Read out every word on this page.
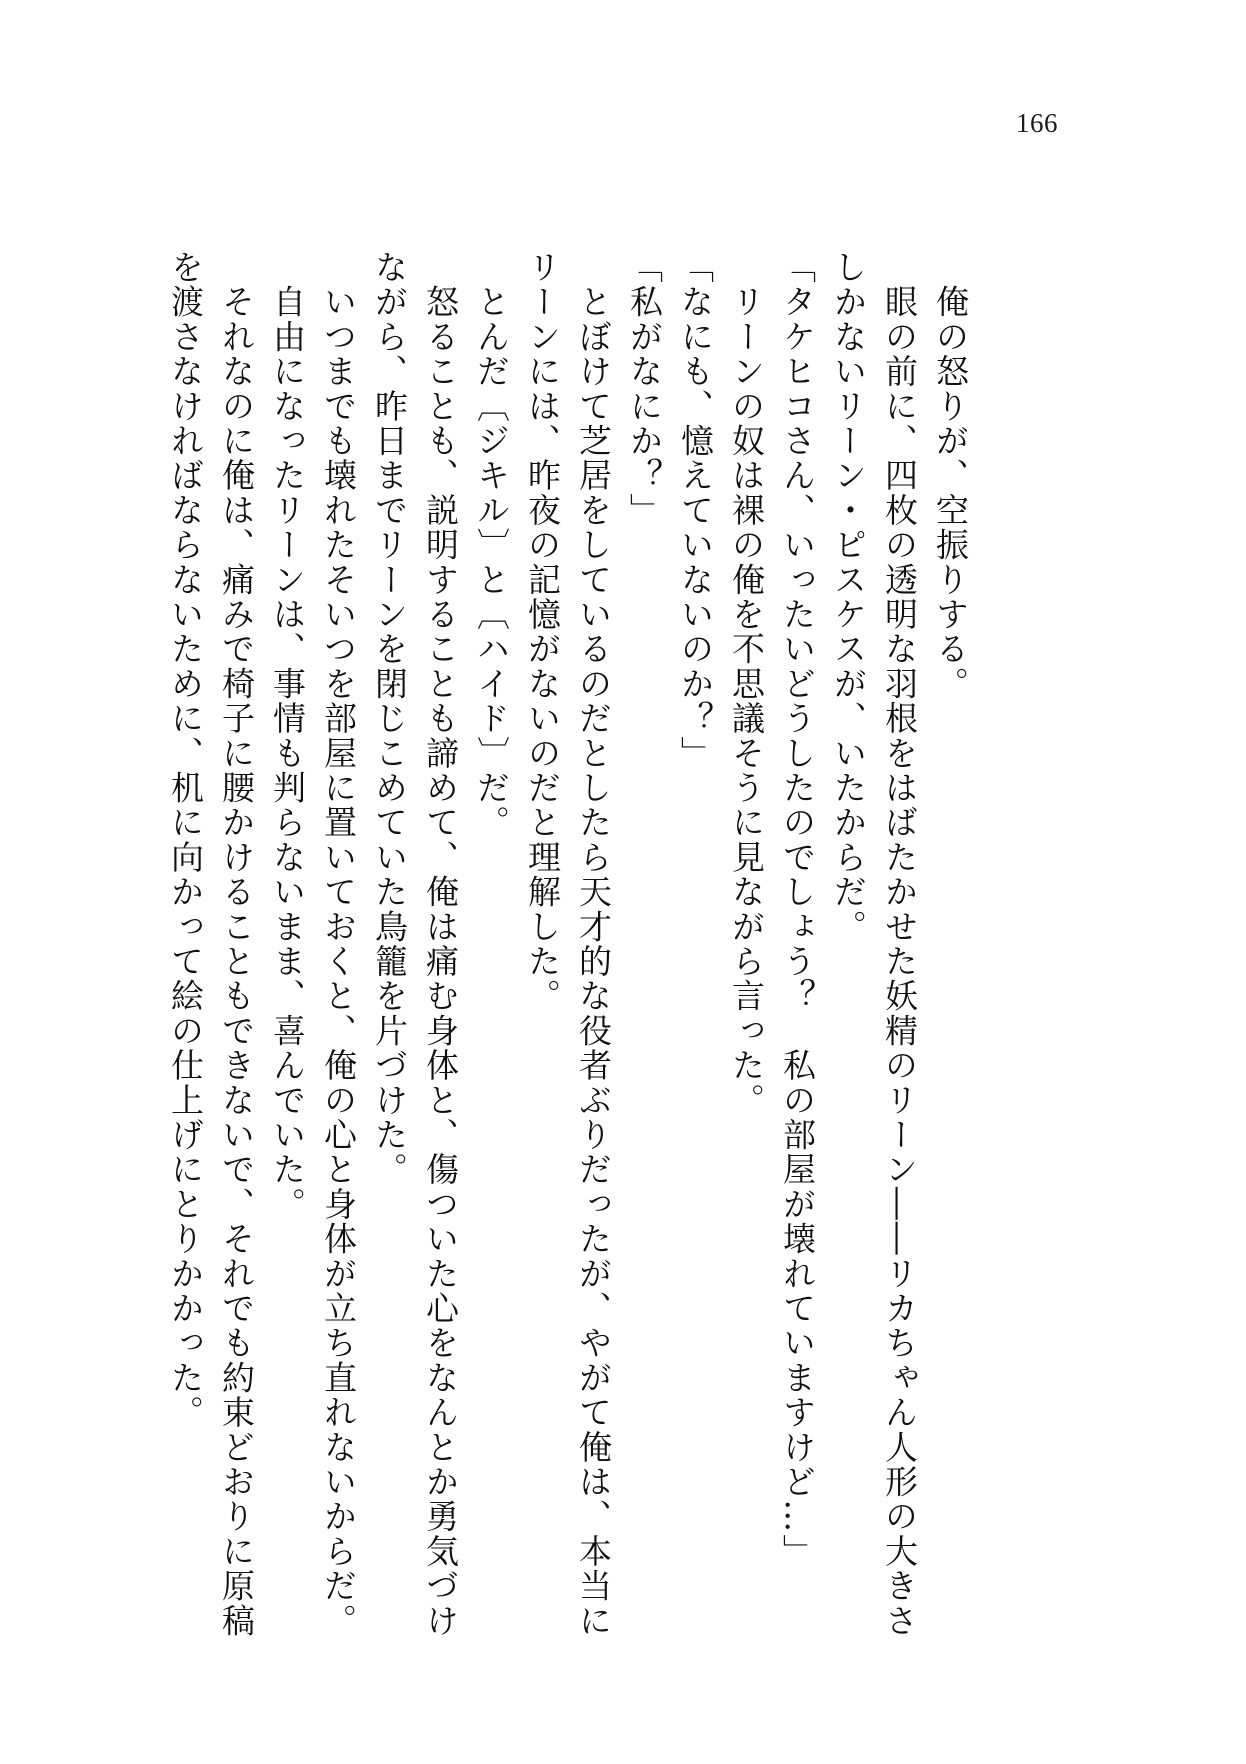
166
　俺の怒りが、空振りする。
　眼の前に、四枚の透明な羽根をはばたかせた妖精のリーン――リカちゃん人形の大きさ
しかないリーン・ピスケスが、いたからだ。
「タケヒコさん、いったいどうしたのでしょう？　私の部屋が壊れていますけど…」
　リーンの奴は裸の俺を不思議そうに見ながら言った。
「なにも、憶えていないのか？」
「私がなにか？」
　とぼけて芝居をしているのだとしたら天才的な役者ぶりだったが、やがて俺は、本当に
リーンには、昨夜の記憶がないのだと理解した。
　とんだ〔ジキル〕と〔ハイド〕だ。
　怒ることも、説明することも諦めて、俺は痛む身体と、傷ついた心をなんとか勇気づけ
ながら、昨日までリーンを閉じこめていた鳥籠を片づけた。
　いつまでも壊れたそいつを部屋に置いておくと、俺の心と身体が立ち直れないからだ。
　自由になったリーンは、事情も判らないまま、喜んでいた。
　それなのに俺は、痛みで椅子に腰かけることもできないで、それでも約束どおりに原稿
を渡さなければならないために、机に向かって絵の仕上げにとりかかった。
